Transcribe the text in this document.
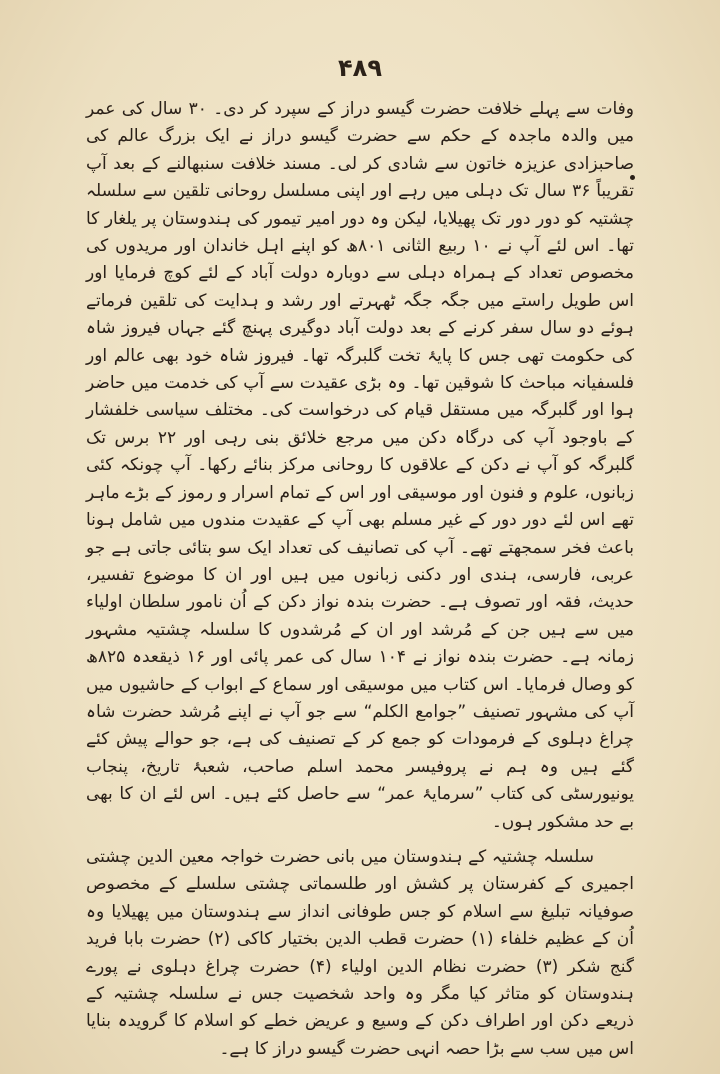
۴۸۹

وفات سے پہلے خلافت حضرت گیسو دراز کے سپرد کر دی۔ ۳۰ سال کی عمر میں والدہ ماجدہ کے حکم سے حضرت گیسو دراز نے ایک بزرگ عالم کی صاحبزادی عزیزہ خاتون سے شادی کر لی۔ مسند خلافت سنبھالنے کے بعد آپ تقریباً ۳۶ سال تک دہلی میں رہے اور اپنی مسلسل روحانی تلقین سے سلسلہ چشتیہ کو دور دور تک پھیلایا، لیکن وہ دور امیر تیمور کی ہندوستان پر یلغار کا تھا۔ اس لئے آپ نے ۱۰ ربیع الثانی ۸۰۱ھ کو اپنے اہل خاندان اور مریدوں کی مخصوص تعداد کے ہمراہ دہلی سے دوبارہ دولت آباد کے لئے کوچ فرمایا اور اس طویل راستے میں جگہ جگہ ٹھہرتے اور رشد و ہدایت کی تلقین فرماتے ہوئے دو سال سفر کرنے کے بعد دولت آباد دوگیری پہنچ گئے جہاں فیروز شاہ کی حکومت تھی جس کا پایۂ تخت گلبرگہ تھا۔ فیروز شاہ خود بھی عالم اور فلسفیانہ مباحث کا شوقین تھا۔ وہ بڑی عقیدت سے آپ کی خدمت میں حاضر ہوا اور گلبرگہ میں مستقل قیام کی درخواست کی۔ مختلف سیاسی خلفشار کے باوجود آپ کی درگاہ دکن میں مرجع خلائق بنی رہی اور ۲۲ برس تک گلبرگہ کو آپ نے دکن کے علاقوں کا روحانی مرکز بنائے رکھا۔ آپ چونکہ کئی زبانوں، علوم و فنون اور موسیقی اور اس کے تمام اسرار و رموز کے بڑے ماہر تھے اس لئے دور دور کے غیر مسلم بھی آپ کے عقیدت مندوں میں شامل ہونا باعث فخر سمجھتے تھے۔ آپ کی تصانیف کی تعداد ایک سو بتائی جاتی ہے جو عربی، فارسی، ہندی اور دکنی زبانوں میں ہیں اور ان کا موضوع تفسیر، حدیث، فقہ اور تصوف ہے۔ حضرت بندہ نواز دکن کے اُن نامور سلطان اولیاء میں سے ہیں جن کے مُرشد اور ان کے مُرشدوں کا سلسلہ چشتیہ مشہور زمانہ ہے۔ حضرت بندہ نواز نے ۱۰۴ سال کی عمر پائی اور ۱۶ ذیقعدہ ۸۲۵ھ کو وصال فرمایا۔ اس کتاب میں موسیقی اور سماع کے ابواب کے حاشیوں میں آپ کی مشہور تصنیف ”جوامع الکلم“ سے جو آپ نے اپنے مُرشد حضرت شاہ چراغ دہلوی کے فرمودات کو جمع کر کے تصنیف کی ہے، جو حوالے پیش کئے گئے ہیں وہ ہم نے پروفیسر محمد اسلم صاحب، شعبۂ تاریخ، پنجاب یونیورسٹی کی کتاب ”سرمایۂ عمر“ سے حاصل کئے ہیں۔ اس لئے ان کا بھی بے حد مشکور ہوں۔

سلسلہ چشتیہ کے ہندوستان میں بانی حضرت خواجہ معین الدین چشتی اجمیری کے کفرستان پر کشش اور طلسماتی چشتی سلسلے کے مخصوص صوفیانہ تبلیغ سے اسلام کو جس طوفانی انداز سے ہندوستان میں پھیلایا وہ اُن کے عظیم خلفاء (۱) حضرت قطب الدین بختیار کاکی (۲) حضرت بابا فرید گنج شکر (۳) حضرت نظام الدین اولیاء (۴) حضرت چراغ دہلوی نے پورے ہندوستان کو متاثر کیا مگر وہ واحد شخصیت جس نے سلسلہ چشتیہ کے ذریعے دکن اور اطراف دکن کے وسیع و عریض خطے کو اسلام کا گرویدہ بنایا اس میں سب سے بڑا حصہ انہی حضرت گیسو دراز کا ہے۔
